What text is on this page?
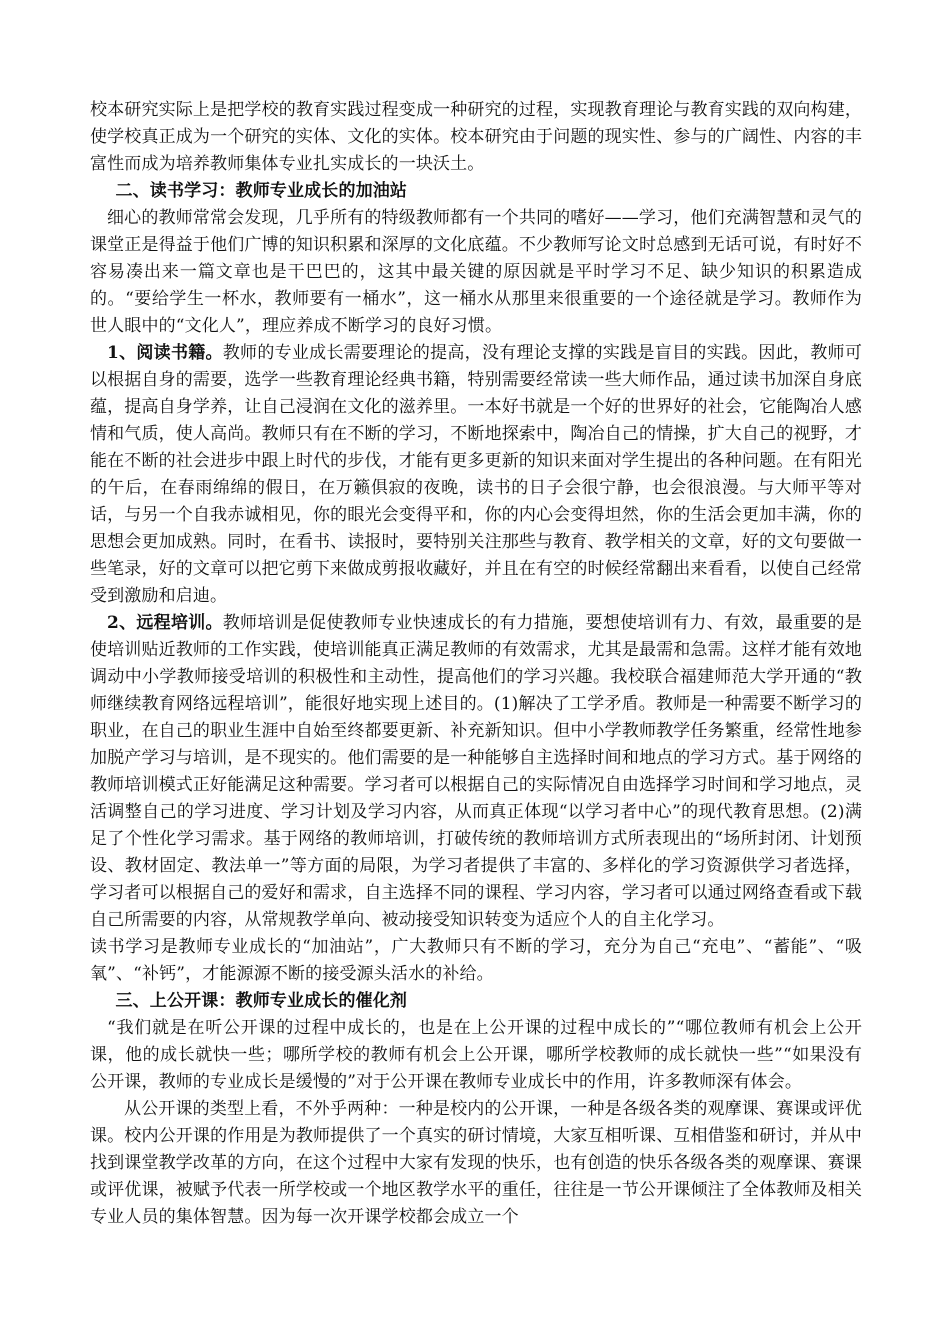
校本研究实际上是把学校的教育实践过程变成一种研究的过程，实现教育理论与教育实践的双向构建，使学校真正成为一个研究的实体、文化的实体。校本研究由于问题的现实性、参与的广阔性、内容的丰富性而成为培养教师集体专业扎实成长的一块沃土。

二、读书学习：教师专业成长的加油站

细心的教师常常会发现，几乎所有的特级教师都有一个共同的嗜好——学习，他们充满智慧和灵气的课堂正是得益于他们广博的知识积累和深厚的文化底蕴。不少教师写论文时总感到无话可说，有时好不容易凑出来一篇文章也是干巴巴的，这其中最关键的原因就是平时学习不足、缺少知识的积累造成的。“要给学生一杯水，教师要有一桶水”，这一桶水从那里来很重要的一个途径就是学习。教师作为世人眼中的“文化人”，理应养成不断学习的良好习惯。

1、阅读书籍。教师的专业成长需要理论的提高，没有理论支撑的实践是盲目的实践。因此，教师可以根据自身的需要，选学一些教育理论经典书籍，特别需要经常读一些大师作品，通过读书加深自身底蕴，提高自身学养，让自己浸润在文化的滋养里。一本好书就是一个好的世界好的社会，它能陶冶人感情和气质，使人高尚。教师只有在不断的学习，不断地探索中，陶冶自己的情操，扩大自己的视野，才能在不断的社会进步中跟上时代的步伐，才能有更多更新的知识来面对学生提出的各种问题。在有阳光的午后，在春雨绵绵的假日，在万籁俱寂的夜晚，读书的日子会很宁静，也会很浪漫。与大师平等对话，与另一个自我赤诚相见，你的眼光会变得平和，你的内心会变得坦然，你的生活会更加丰满，你的思想会更加成熟。同时，在看书、读报时，要特别关注那些与教育、教学相关的文章，好的文句要做一些笔录，好的文章可以把它剪下来做成剪报收藏好，并且在有空的时候经常翻出来看看，以使自己经常受到激励和启迪。

2、远程培训。教师培训是促使教师专业快速成长的有力措施，要想使培训有力、有效，最重要的是使培训贴近教师的工作实践，使培训能真正满足教师的有效需求，尤其是最需和急需。这样才能有效地调动中小学教师接受培训的积极性和主动性，提高他们的学习兴趣。我校联合福建师范大学开通的“教师继续教育网络远程培训”，能很好地实现上述目的。(1)解决了工学矛盾。教师是一种需要不断学习的职业，在自己的职业生涯中自始至终都要更新、补充新知识。但中小学教师教学任务繁重，经常性地参加脱产学习与培训，是不现实的。他们需要的是一种能够自主选择时间和地点的学习方式。基于网络的教师培训模式正好能满足这种需要。学习者可以根据自己的实际情况自由选择学习时间和学习地点，灵活调整自己的学习进度、学习计划及学习内容，从而真正体现“以学习者中心”的现代教育思想。(2)满足了个性化学习需求。基于网络的教师培训，打破传统的教师培训方式所表现出的“场所封闭、计划预设、教材固定、教法单一”等方面的局限，为学习者提供了丰富的、多样化的学习资源供学习者选择，学习者可以根据自己的爱好和需求，自主选择不同的课程、学习内容，学习者可以通过网络查看或下载自己所需要的内容，从常规教学单向、被动接受知识转变为适应个人的自主化学习。

读书学习是教师专业成长的“加油站”，广大教师只有不断的学习，充分为自己“充电”、“蓄能”、“吸氧”、“补钙”，才能源源不断的接受源头活水的补给。

三、上公开课：教师专业成长的催化剂

“我们就是在听公开课的过程中成长的，也是在上公开课的过程中成长的”“哪位教师有机会上公开课，他的成长就快一些；哪所学校的教师有机会上公开课，哪所学校教师的成长就快一些”“如果没有公开课，教师的专业成长是缓慢的”对于公开课在教师专业成长中的作用，许多教师深有体会。

从公开课的类型上看，不外乎两种：一种是校内的公开课，一种是各级各类的观摩课、赛课或评优课。校内公开课的作用是为教师提供了一个真实的研讨情境，大家互相听课、互相借鉴和研讨，并从中找到课堂教学改革的方向，在这个过程中大家有发现的快乐，也有创造的快乐各级各类的观摩课、赛课或评优课，被赋予代表一所学校或一个地区教学水平的重任，往往是一节公开课倾注了全体教师及相关专业人员的集体智慧。因为每一次开课学校都会成立一个
